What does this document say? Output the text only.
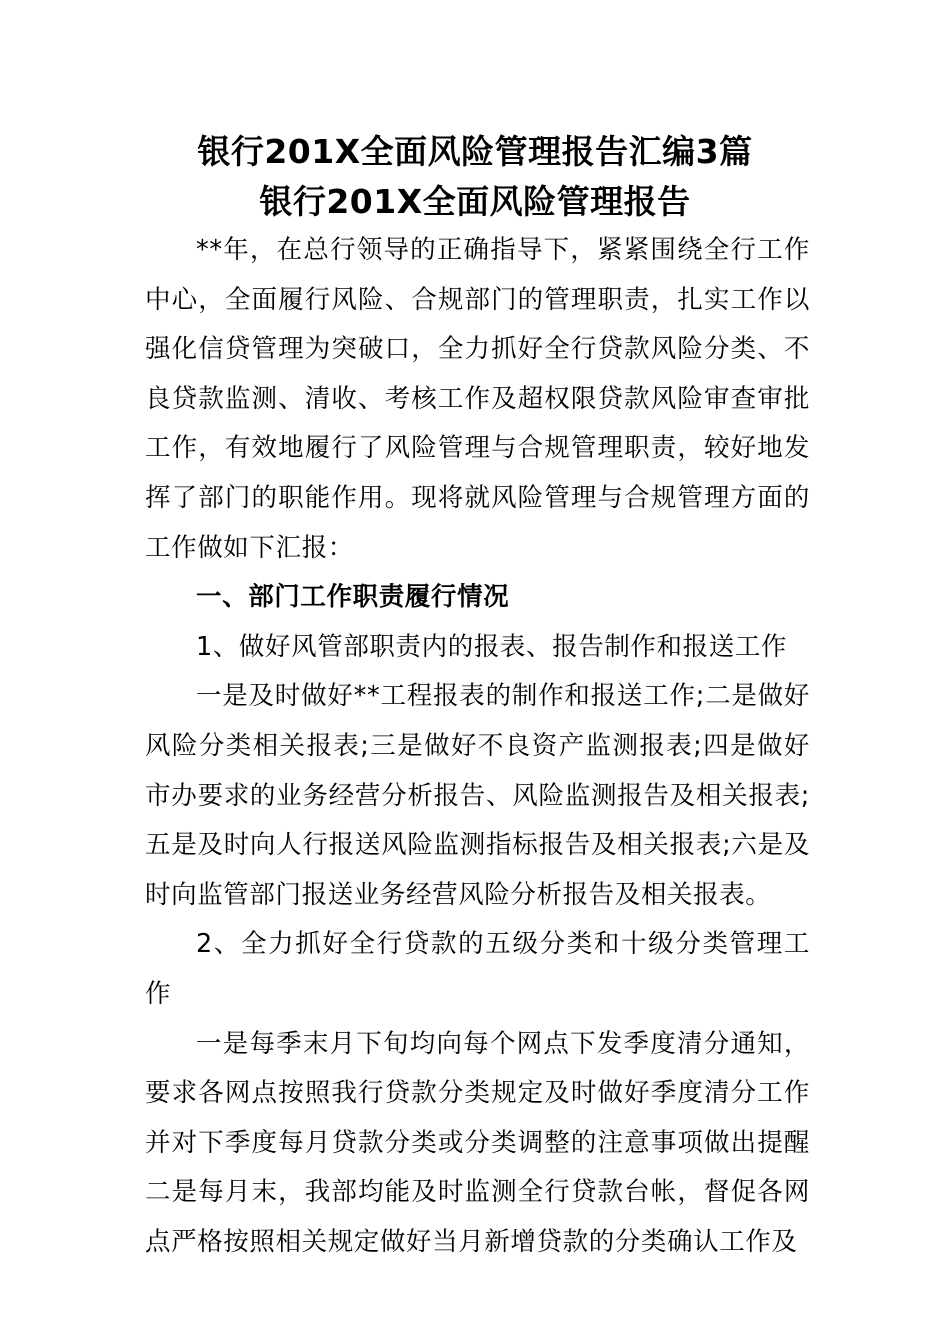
银行201X全面风险管理报告汇编3篇
银行201X全面风险管理报告

**年，在总行领导的正确指导下，紧紧围绕全行工作中心，全面履行风险、合规部门的管理职责，扎实工作以强化信贷管理为突破口，全力抓好全行贷款风险分类、不良贷款监测、清收、考核工作及超权限贷款风险审查审批工作，有效地履行了风险管理与合规管理职责，较好地发挥了部门的职能作用。现将就风险管理与合规管理方面的工作做如下汇报：

一、部门工作职责履行情况

1、做好风管部职责内的报表、报告制作和报送工作

一是及时做好**工程报表的制作和报送工作;二是做好风险分类相关报表;三是做好不良资产监测报表;四是做好市办要求的业务经营分析报告、风险监测报告及相关报表;五是及时向人行报送风险监测指标报告及相关报表;六是及时向监管部门报送业务经营风险分析报告及相关报表。

2、全力抓好全行贷款的五级分类和十级分类管理工作

一是每季末月下旬均向每个网点下发季度清分通知，要求各网点按照我行贷款分类规定及时做好季度清分工作并对下季度每月贷款分类或分类调整的注意事项做出提醒二是每月末，我部均能及时监测全行贷款台帐，督促各网点严格按照相关规定做好当月新增贷款的分类确认工作及
